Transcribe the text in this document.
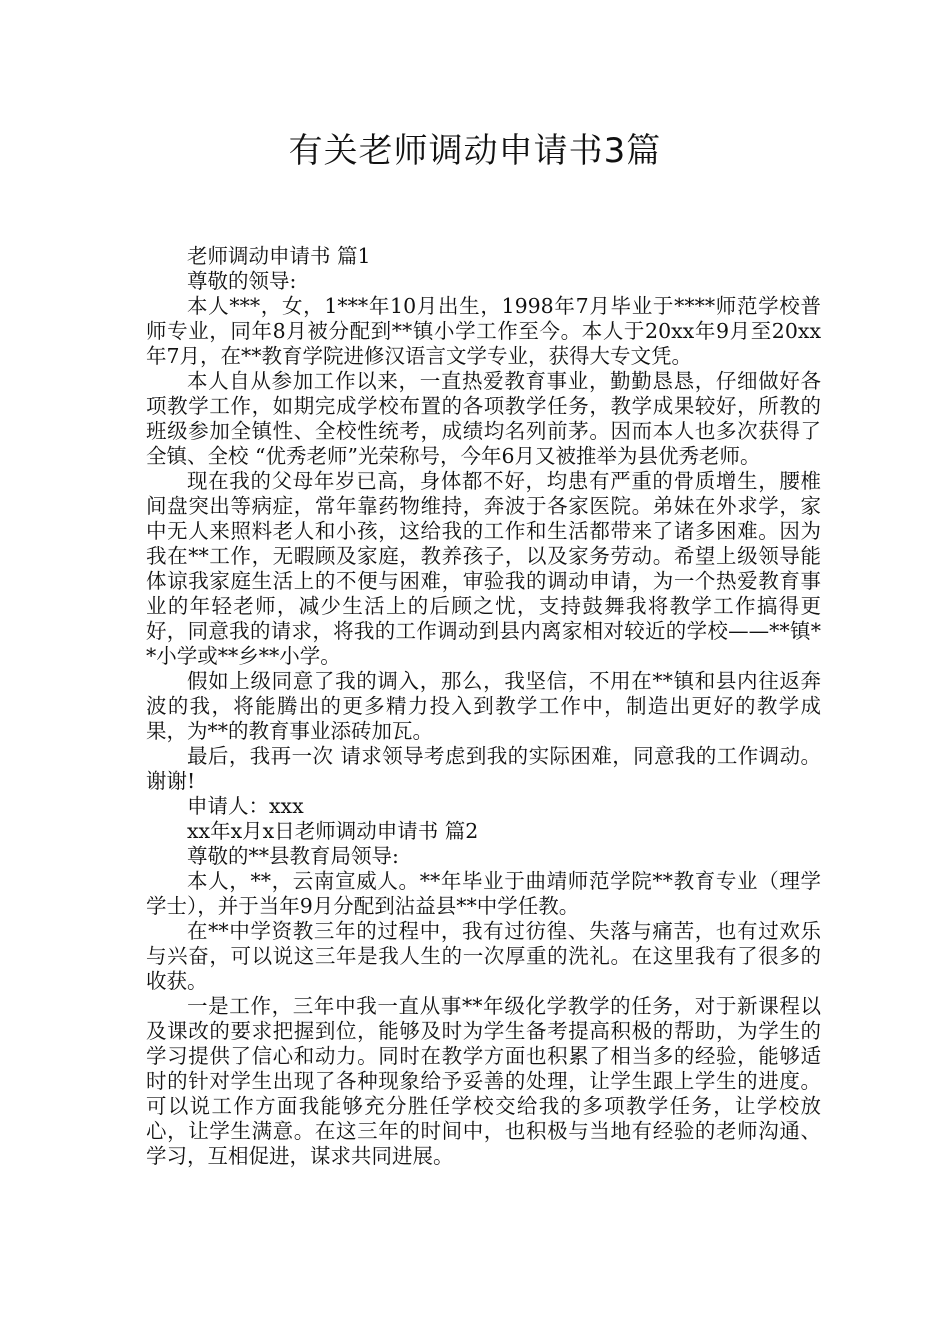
有关老师调动申请书3篇

老师调动申请书 篇1

尊敬的领导:

本人***，女，1***年10月出生，1998年7月毕业于****师范学校普师专业，同年8月被分配到**镇小学工作至今。本人于20xx年9月至20xx年7月，在**教育学院进修汉语言文学专业，获得大专文凭。

本人自从参加工作以来，一直热爱教育事业，勤勤恳恳，仔细做好各项教学工作，如期完成学校布置的各项教学任务，教学成果较好，所教的班级参加全镇性、全校性统考，成绩均名列前茅。因而本人也多次获得了全镇、全校 “优秀老师”光荣称号，今年6月又被推举为县优秀老师。

现在我的父母年岁已高，身体都不好，均患有严重的骨质增生，腰椎间盘突出等病症，常年靠药物维持，奔波于各家医院。弟妹在外求学，家中无人来照料老人和小孩，这给我的工作和生活都带来了诸多困难。因为我在**工作，无暇顾及家庭，教养孩子，以及家务劳动。希望上级领导能体谅我家庭生活上的不便与困难，审验我的调动申请，为一个热爱教育事业的年轻老师，减少生活上的后顾之忧，支持鼓舞我将教学工作搞得更好，同意我的请求，将我的工作调动到县内离家相对较近的学校——**镇**小学或**乡**小学。

假如上级同意了我的调入，那么，我坚信，不用在**镇和县内往返奔波的我，将能腾出的更多精力投入到教学工作中，制造出更好的教学成果，为**的教育事业添砖加瓦。

最后，我再一次 请求领导考虑到我的实际困难，同意我的工作调动。谢谢!

申请人：xxx

xx年x月x日老师调动申请书 篇2

尊敬的**县教育局领导:

本人，**，云南宣威人。**年毕业于曲靖师范学院**教育专业（理学学士），并于当年9月分配到沾益县**中学任教。

在**中学资教三年的过程中，我有过彷徨、失落与痛苦，也有过欢乐与兴奋，可以说这三年是我人生的一次厚重的洗礼。在这里我有了很多的收获。

一是工作，三年中我一直从事**年级化学教学的任务，对于新课程以及课改的要求把握到位，能够及时为学生备考提高积极的帮助，为学生的学习提供了信心和动力。同时在教学方面也积累了相当多的经验，能够适时的针对学生出现了各种现象给予妥善的处理，让学生跟上学生的进度。可以说工作方面我能够充分胜任学校交给我的多项教学任务，让学校放心，让学生满意。在这三年的时间中，也积极与当地有经验的老师沟通、学习，互相促进，谋求共同进展。
